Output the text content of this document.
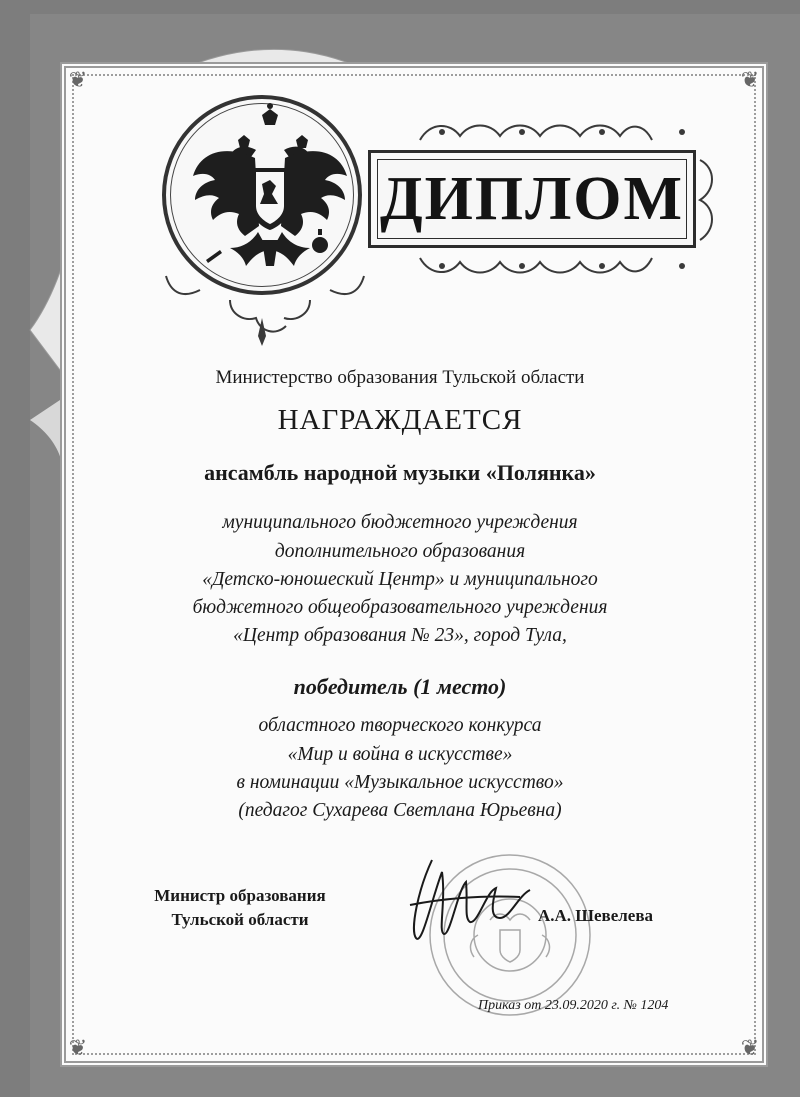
❦	❦
❦	❦
ДИПЛОМ
Министерство образования Тульской области
НАГРАЖДАЕТСЯ
ансамбль народной музыки «Полянка»
муниципального бюджетного учреждения
дополнительного образования
«Детско-юношеский Центр» и муниципального
бюджетного общеобразовательного учреждения
«Центр образования № 23», город Тула,
победитель (1 место)
областного творческого конкурса
«Мир и война в искусстве»
в номинации «Музыкальное искусство»
(педагог Сухарева Светлана Юрьевна)
Министр образования
Тульской области	А.А. Шевелева
Приказ от 23.09.2020 г. № 1204
